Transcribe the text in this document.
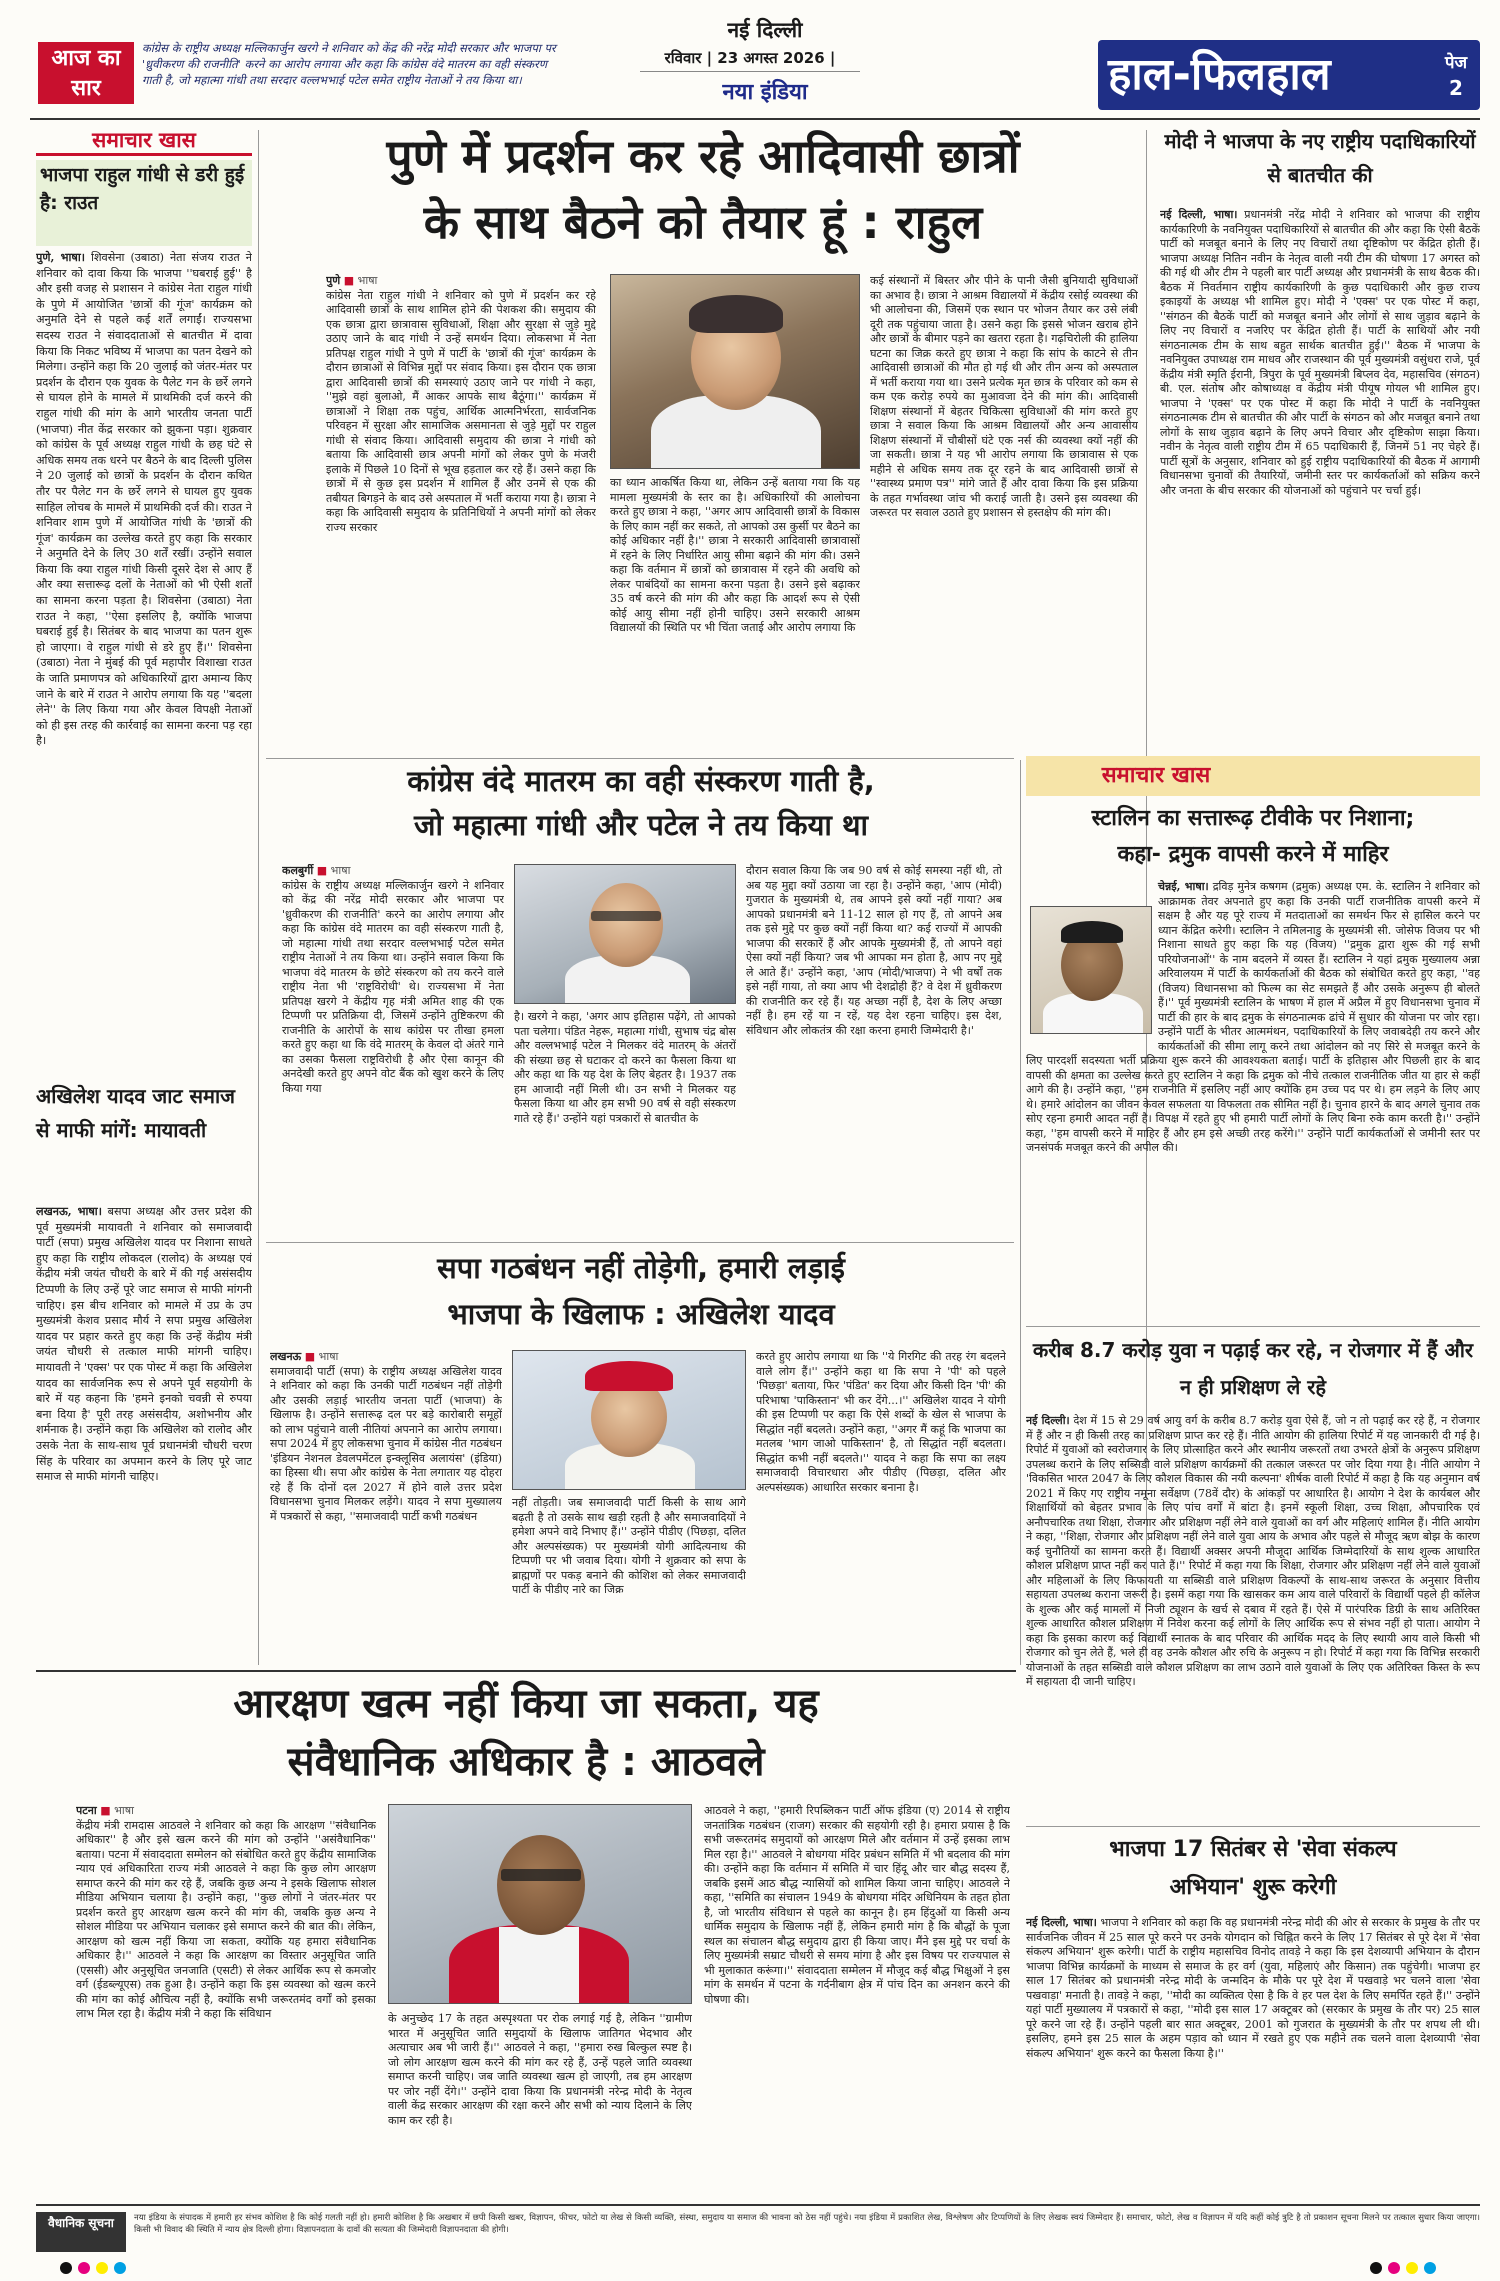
आज का सार
कांग्रेस के राष्ट्रीय अध्यक्ष मल्लिकार्जुन खरगे ने शनिवार को केंद्र की नरेंद्र मोदी सरकार और भाजपा पर 'ध्रुवीकरण की राजनीति' करने का आरोप लगाया और कहा कि कांग्रेस वंदे मातरम का वही संस्करण गाती है, जो महात्मा गांधी तथा सरदार वल्लभभाई पटेल समेत राष्ट्रीय नेताओं ने तय किया था।
नई दिल्ली
रविवार | 23 अगस्त 2026 |
नया इंडिया	हाल-फिलहाल	पेज
2
समाचार खास
भाजपा राहुल गांधी से डरी हुई है: राउत
पुणे, भाषा। शिवसेना (उबाठा) नेता संजय राउत ने शनिवार को दावा किया कि भाजपा ''घबराई हुई'' है और इसी वजह से प्रशासन ने कांग्रेस नेता राहुल गांधी के पुणे में आयोजित 'छात्रों की गूंज' कार्यक्रम को अनुमति देने से पहले कई शर्तें लगाईं। राज्यसभा सदस्य राउत ने संवाददाताओं से बातचीत में दावा किया कि निकट भविष्य में भाजपा का पतन देखने को मिलेगा। उन्होंने कहा कि 20 जुलाई को जंतर-मंतर पर प्रदर्शन के दौरान एक युवक के पैलेट गन के छर्रे लगने से घायल होने के मामले में प्राथमिकी दर्ज करने की राहुल गांधी की मांग के आगे भारतीय जनता पार्टी (भाजपा) नीत केंद्र सरकार को झुकना पड़ा। शुक्रवार को कांग्रेस के पूर्व अध्यक्ष राहुल गांधी के छह घंटे से अधिक समय तक धरने पर बैठने के बाद दिल्ली पुलिस ने 20 जुलाई को छात्रों के प्रदर्शन के दौरान कथित तौर पर पैलेट गन के छर्रे लगने से घायल हुए युवक साहिल लोचब के मामले में प्राथमिकी दर्ज की। राउत ने शनिवार शाम पुणे में आयोजित गांधी के 'छात्रों की गूंज' कार्यक्रम का उल्लेख करते हुए कहा कि सरकार ने अनुमति देने के लिए 30 शर्तें रखीं। उन्होंने सवाल किया कि क्या राहुल गांधी किसी दूसरे देश से आए हैं और क्या सत्तारूढ़ दलों के नेताओं को भी ऐसी शर्तों का सामना करना पड़ता है। शिवसेना (उबाठा) नेता राउत ने कहा, ''ऐसा इसलिए है, क्योंकि भाजपा घबराई हुई है। सितंबर के बाद भाजपा का पतन शुरू हो जाएगा। वे राहुल गांधी से डरे हुए हैं।'' शिवसेना (उबाठा) नेता ने मुंबई की पूर्व महापौर विशाखा राउत के जाति प्रमाणपत्र को अधिकारियों द्वारा अमान्य किए जाने के बारे में राउत ने आरोप लगाया कि यह ''बदला लेने'' के लिए किया गया और केवल विपक्षी नेताओं को ही इस तरह की कार्रवाई का सामना करना पड़ रहा है।
अखिलेश यादव जाट समाज से माफी मांगें: मायावती
लखनऊ, भाषा। बसपा अध्यक्ष और उत्तर प्रदेश की पूर्व मुख्यमंत्री मायावती ने शनिवार को समाजवादी पार्टी (सपा) प्रमुख अखिलेश यादव पर निशाना साधते हुए कहा कि राष्ट्रीय लोकदल (रालोद) के अध्यक्ष एवं केंद्रीय मंत्री जयंत चौधरी के बारे में की गई असंसदीय टिप्पणी के लिए उन्हें पूरे जाट समाज से माफी मांगनी चाहिए। इस बीच शनिवार को मामले में उप्र के उप मुख्यमंत्री केशव प्रसाद मौर्य ने सपा प्रमुख अखिलेश यादव पर प्रहार करते हुए कहा कि उन्हें केंद्रीय मंत्री जयंत चौधरी से तत्काल माफी मांगनी चाहिए। मायावती ने 'एक्स' पर एक पोस्ट में कहा कि अखिलेश यादव का सार्वजनिक रूप से अपने पूर्व सहयोगी के बारे में यह कहना कि 'हमने इनको चवन्नी से रुपया बना दिया है' पूरी तरह असंसदीय, अशोभनीय और शर्मनाक है। उन्होंने कहा कि अखिलेश को रालोद और उसके नेता के साथ-साथ पूर्व प्रधानमंत्री चौधरी चरण सिंह के परिवार का अपमान करने के लिए पूरे जाट समाज से माफी मांगनी चाहिए।
पुणे में प्रदर्शन कर रहे आदिवासी छात्रों
के साथ बैठने को तैयार हूं : राहुल
पुणे ■ भाषा
कांग्रेस नेता राहुल गांधी ने शनिवार को पुणे में प्रदर्शन कर रहे आदिवासी छात्रों के साथ शामिल होने की पेशकश की। समुदाय की एक छात्रा द्वारा छात्रावास सुविधाओं, शिक्षा और सुरक्षा से जुड़े मुद्दे उठाए जाने के बाद गांधी ने उन्हें समर्थन दिया। लोकसभा में नेता प्रतिपक्ष राहुल गांधी ने पुणे में पार्टी के 'छात्रों की गूंज' कार्यक्रम के दौरान छात्राओं से विभिन्न मुद्दों पर संवाद किया। इस दौरान एक छात्रा द्वारा आदिवासी छात्रों की समस्याएं उठाए जाने पर गांधी ने कहा, ''मुझे वहां बुलाओ, मैं आकर आपके साथ बैठूंगा।'' कार्यक्रम में छात्राओं ने शिक्षा तक पहुंच, आर्थिक आत्मनिर्भरता, सार्वजनिक परिवहन में सुरक्षा और सामाजिक असमानता से जुड़े मुद्दों पर राहुल गांधी से संवाद किया। आदिवासी समुदाय की छात्रा ने गांधी को बताया कि आदिवासी छात्र अपनी मांगों को लेकर पुणे के मंजरी इलाके में पिछले 10 दिनों से भूख हड़ताल कर रहे हैं। उसने कहा कि छात्रों में से कुछ इस प्रदर्शन में शामिल हैं और उनमें से एक की तबीयत बिगड़ने के बाद उसे अस्पताल में भर्ती कराया गया है। छात्रा ने कहा कि आदिवासी समुदाय के प्रतिनिधियों ने अपनी मांगों को लेकर राज्य सरकार
का ध्यान आकर्षित किया था, लेकिन उन्हें बताया गया कि यह मामला मुख्यमंत्री के स्तर का है। अधिकारियों की आलोचना करते हुए छात्रा ने कहा, ''अगर आप आदिवासी छात्रों के विकास के लिए काम नहीं कर सकते, तो आपको उस कुर्सी पर बैठने का कोई अधिकार नहीं है।'' छात्रा ने सरकारी आदिवासी छात्रावासों में रहने के लिए निर्धारित आयु सीमा बढ़ाने की मांग की। उसने कहा कि वर्तमान में छात्रों को छात्रावास में रहने की अवधि को लेकर पाबंदियों का सामना करना पड़ता है। उसने इसे बढ़ाकर 35 वर्ष करने की मांग की और कहा कि आदर्श रूप से ऐसी कोई आयु सीमा नहीं होनी चाहिए। उसने सरकारी आश्रम विद्यालयों की स्थिति पर भी चिंता जताई और आरोप लगाया कि
कई संस्थानों में बिस्तर और पीने के पानी जैसी बुनियादी सुविधाओं का अभाव है। छात्रा ने आश्रम विद्यालयों में केंद्रीय रसोई व्यवस्था की भी आलोचना की, जिसमें एक स्थान पर भोजन तैयार कर उसे लंबी दूरी तक पहुंचाया जाता है। उसने कहा कि इससे भोजन खराब होने और छात्रों के बीमार पड़ने का खतरा रहता है। गढ़चिरोली की हालिया घटना का जिक्र करते हुए छात्रा ने कहा कि सांप के काटने से तीन आदिवासी छात्राओं की मौत हो गई थी और तीन अन्य को अस्पताल में भर्ती कराया गया था। उसने प्रत्येक मृत छात्र के परिवार को कम से कम एक करोड़ रुपये का मुआवजा देने की मांग की। आदिवासी शिक्षण संस्थानों में बेहतर चिकित्सा सुविधाओं की मांग करते हुए छात्रा ने सवाल किया कि आश्रम विद्यालयों और अन्य आवासीय शिक्षण संस्थानों में चौबीसों घंटे एक नर्स की व्यवस्था क्यों नहीं की जा सकती। छात्रा ने यह भी आरोप लगाया कि छात्रावास से एक महीने से अधिक समय तक दूर रहने के बाद आदिवासी छात्रों से ''स्वास्थ्य प्रमाण पत्र'' मांगे जाते हैं और दावा किया कि इस प्रक्रिया के तहत गर्भावस्था जांच भी कराई जाती है। उसने इस व्यवस्था की जरूरत पर सवाल उठाते हुए प्रशासन से हस्तक्षेप की मांग की।
मोदी ने भाजपा के नए राष्ट्रीय पदाधिकारियों से बातचीत की
नई दिल्ली, भाषा। प्रधानमंत्री नरेंद्र मोदी ने शनिवार को भाजपा की राष्ट्रीय कार्यकारिणी के नवनियुक्त पदाधिकारियों से बातचीत की और कहा कि ऐसी बैठकें पार्टी को मजबूत बनाने के लिए नए विचारों तथा दृष्टिकोण पर केंद्रित होती हैं। भाजपा अध्यक्ष नितिन नवीन के नेतृत्व वाली नयी टीम की घोषणा 17 अगस्त को की गई थी और टीम ने पहली बार पार्टी अध्यक्ष और प्रधानमंत्री के साथ बैठक की। बैठक में निवर्तमान राष्ट्रीय कार्यकारिणी के कुछ पदाधिकारी और कुछ राज्य इकाइयों के अध्यक्ष भी शामिल हुए। मोदी ने 'एक्स' पर एक पोस्ट में कहा, ''संगठन की बैठकें पार्टी को मजबूत बनाने और लोगों से साथ जुड़ाव बढ़ाने के लिए नए विचारों व नजरिए पर केंद्रित होती हैं। पार्टी के साथियों और नयी संगठनात्मक टीम के साथ बहुत सार्थक बातचीत हुई।'' बैठक में भाजपा के नवनियुक्त उपाध्यक्ष राम माधव और राजस्थान की पूर्व मुख्यमंत्री वसुंधरा राजे, पूर्व केंद्रीय मंत्री स्मृति ईरानी, त्रिपुरा के पूर्व मुख्यमंत्री बिप्लव देव, महासचिव (संगठन) बी. एल. संतोष और कोषाध्यक्ष व केंद्रीय मंत्री पीयूष गोयल भी शामिल हुए। भाजपा ने 'एक्स' पर एक पोस्ट में कहा कि मोदी ने पार्टी के नवनियुक्त संगठनात्मक टीम से बातचीत की और पार्टी के संगठन को और मजबूत बनाने तथा लोगों के साथ जुड़ाव बढ़ाने के लिए अपने विचार और दृष्टिकोण साझा किया। नवीन के नेतृत्व वाली राष्ट्रीय टीम में 65 पदाधिकारी हैं, जिनमें 51 नए चेहरे हैं। पार्टी सूत्रों के अनुसार, शनिवार को हुई राष्ट्रीय पदाधिकारियों की बैठक में आगामी विधानसभा चुनावों की तैयारियों, जमीनी स्तर पर कार्यकर्ताओं को सक्रिय करने और जनता के बीच सरकार की योजनाओं को पहुंचाने पर चर्चा हुई।
कांग्रेस वंदे मातरम का वही संस्करण गाती है,
जो महात्मा गांधी और पटेल ने तय किया था
कलबुर्गी ■ भाषा
कांग्रेस के राष्ट्रीय अध्यक्ष मल्लिकार्जुन खरगे ने शनिवार को केंद्र की नरेंद्र मोदी सरकार और भाजपा पर 'ध्रुवीकरण की राजनीति' करने का आरोप लगाया और कहा कि कांग्रेस वंदे मातरम का वही संस्करण गाती है, जो महात्मा गांधी तथा सरदार वल्लभभाई पटेल समेत राष्ट्रीय नेताओं ने तय किया था। उन्होंने सवाल किया कि भाजपा वंदे मातरम के छोटे संस्करण को तय करने वाले राष्ट्रीय नेता भी 'राष्ट्रविरोधी' थे। राज्यसभा में नेता प्रतिपक्ष खरगे ने केंद्रीय गृह मंत्री अमित शाह की एक टिप्पणी पर प्रतिक्रिया दी, जिसमें उन्होंने तुष्टिकरण की राजनीति के आरोपों के साथ कांग्रेस पर तीखा हमला करते हुए कहा था कि वंदे मातरम् के केवल दो अंतरे गाने का उसका फैसला राष्ट्रविरोधी है और ऐसा कानून की अनदेखी करते हुए अपने वोट बैंक को खुश करने के लिए किया गया
है। खरगे ने कहा, 'अगर आप इतिहास पढ़ेंगे, तो आपको पता चलेगा। पंडित नेहरू, महात्मा गांधी, सुभाष चंद्र बोस और वल्लभभाई पटेल ने मिलकर वंदे मातरम् के अंतरों की संख्या छह से घटाकर दो करने का फैसला किया था और कहा था कि यह देश के लिए बेहतर है। 1937 तक हम आजादी नहीं मिली थी। उन सभी ने मिलकर यह फैसला किया था और हम सभी 90 वर्ष से वही संस्करण गाते रहे हैं।' उन्होंने यहां पत्रकारों से बातचीत के
दौरान सवाल किया कि जब 90 वर्ष से कोई समस्या नहीं थी, तो अब यह मुद्दा क्यों उठाया जा रहा है। उन्होंने कहा, 'आप (मोदी) गुजरात के मुख्यमंत्री थे, तब आपने इसे क्यों नहीं गाया? अब आपको प्रधानमंत्री बने 11-12 साल हो गए हैं, तो आपने अब तक इसे मुद्दे पर कुछ क्यों नहीं किया था? कई राज्यों में आपकी भाजपा की सरकारें हैं और आपके मुख्यमंत्री हैं, तो आपने वहां ऐसा क्यों नहीं किया? जब भी आपका मन होता है, आप नए मुद्दे ले आते हैं।' उन्होंने कहा, 'आप (मोदी/भाजपा) ने भी वर्षों तक इसे नहीं गाया, तो क्या आप भी देशद्रोही हैं? वे देश में ध्रुवीकरण की राजनीति कर रहे हैं। यह अच्छा नहीं है, देश के लिए अच्छा नहीं है। हम रहें या न रहें, यह देश रहना चाहिए। इस देश, संविधान और लोकतंत्र की रक्षा करना हमारी जिम्मेदारी है।'
समाचार खास
स्टालिन का सत्तारूढ़ टीवीके पर निशाना;
कहा- द्रमुक वापसी करने में माहिर
चेन्नई, भाषा। द्रविड़ मुनेत्र कषगम (द्रमुक) अध्यक्ष एम. के. स्टालिन ने शनिवार को आक्रामक तेवर अपनाते हुए कहा कि उनकी पार्टी राजनीतिक वापसी करने में सक्षम है और यह पूरे राज्य में मतदाताओं का समर्थन फिर से हासिल करने पर ध्यान केंद्रित करेगी। स्टालिन ने तमिलनाडु के मुख्यमंत्री सी. जोसेफ विजय पर भी निशाना साधते हुए कहा कि यह (विजय) ''द्रमुक द्वारा शुरू की गई सभी परियोजनाओं'' के नाम बदलने में व्यस्त हैं। स्टालिन ने यहां द्रमुक मुख्यालय अन्ना अरिवालयम में पार्टी के कार्यकर्ताओं की बैठक को संबोधित करते हुए कहा, ''वह (विजय) विधानसभा को फिल्म का सेट समझते हैं और उसके अनुरूप ही बोलते हैं।'' पूर्व मुख्यमंत्री स्टालिन के भाषण में हाल में अप्रैल में हुए विधानसभा चुनाव में पार्टी की हार के बाद द्रमुक के संगठनात्मक ढांचे में सुधार की योजना पर जोर रहा। उन्होंने पार्टी के भीतर आत्ममंथन, पदाधिकारियों के लिए जवाबदेही तय करने और कार्यकर्ताओं की सीमा लागू करने तथा आंदोलन को नए सिरे से मजबूत करने के लिए पारदर्शी सदस्यता भर्ती प्रक्रिया शुरू करने की आवश्यकता बताई। पार्टी के इतिहास और पिछली हार के बाद वापसी की क्षमता का उल्लेख करते हुए स्टालिन ने कहा कि द्रमुक को नीचे तत्काल राजनीतिक जीत या हार से कहीं आगे की है। उन्होंने कहा, ''हम राजनीति में इसलिए नहीं आए क्योंकि हम उच्च पद पर थे। हम लड़ने के लिए आए थे। हमारे आंदोलन का जीवन केवल सफलता या विफलता तक सीमित नहीं है। चुनाव हारने के बाद अगले चुनाव तक सोए रहना हमारी आदत नहीं है। विपक्ष में रहते हुए भी हमारी पार्टी लोगों के लिए बिना रुके काम करती है।'' उन्होंने कहा, ''हम वापसी करने में माहिर हैं और हम इसे अच्छी तरह करेंगे।'' उन्होंने पार्टी कार्यकर्ताओं से जमीनी स्तर पर जनसंपर्क मजबूत करने की अपील की।
करीब 8.7 करोड़ युवा न पढ़ाई कर रहे, न रोजगार में हैं और न ही प्रशिक्षण ले रहे
नई दिल्ली। देश में 15 से 29 वर्ष आयु वर्ग के करीब 8.7 करोड़ युवा ऐसे हैं, जो न तो पढ़ाई कर रहे हैं, न रोजगार में हैं और न ही किसी तरह का प्रशिक्षण प्राप्त कर रहे हैं। नीति आयोग की हालिया रिपोर्ट में यह जानकारी दी गई है। रिपोर्ट में युवाओं को स्वरोजगार के लिए प्रोत्साहित करने और स्थानीय जरूरतों तथा उभरते क्षेत्रों के अनुरूप प्रशिक्षण उपलब्ध कराने के लिए सब्सिडी वाले प्रशिक्षण कार्यक्रमों की तत्काल जरूरत पर जोर दिया गया है। नीति आयोग ने 'विकसित भारत 2047 के लिए कौशल विकास की नयी कल्पना' शीर्षक वाली रिपोर्ट में कहा है कि यह अनुमान वर्ष 2021 में किए गए राष्ट्रीय नमूना सर्वेक्षण (78वें दौर) के आंकड़ों पर आधारित है। आयोग ने देश के कार्यबल और शिक्षार्थियों को बेहतर प्रभाव के लिए पांच वर्गों में बांटा है। इनमें स्कूली शिक्षा, उच्च शिक्षा, औपचारिक एवं अनौपचारिक तथा शिक्षा, रोजगार और प्रशिक्षण नहीं लेने वाले युवाओं का वर्ग और महिलाएं शामिल हैं। नीति आयोग ने कहा, ''शिक्षा, रोजगार और प्रशिक्षण नहीं लेने वाले युवा आय के अभाव और पहले से मौजूद ऋण बोझ के कारण कई चुनौतियों का सामना करते हैं। विद्यार्थी अक्सर अपनी मौजूदा आर्थिक जिम्मेदारियों के साथ शुल्क आधारित कौशल प्रशिक्षण प्राप्त नहीं कर पाते हैं।'' रिपोर्ट में कहा गया कि शिक्षा, रोजगार और प्रशिक्षण नहीं लेने वाले युवाओं और महिलाओं के लिए किफायती या सब्सिडी वाले प्रशिक्षण विकल्पों के साथ-साथ जरूरत के अनुसार वित्तीय सहायता उपलब्ध कराना जरूरी है। इसमें कहा गया कि खासकर कम आय वाले परिवारों के विद्यार्थी पहले ही कॉलेज के शुल्क और कई मामलों में निजी ट्यूशन के खर्च से दबाव में रहते हैं। ऐसे में पारंपरिक डिग्री के साथ अतिरिक्त शुल्क आधारित कौशल प्रशिक्षण में निवेश करना कई लोगों के लिए आर्थिक रूप से संभव नहीं हो पाता। आयोग ने कहा कि इसका कारण कई विद्यार्थी स्नातक के बाद परिवार की आर्थिक मदद के लिए स्थायी आय वाले किसी भी रोजगार को चुन लेते हैं, भले ही वह उनके कौशल और रुचि के अनुरूप न हो। रिपोर्ट में कहा गया कि विभिन्न सरकारी योजनाओं के तहत सब्सिडी वाले कौशल प्रशिक्षण का लाभ उठाने वाले युवाओं के लिए एक अतिरिक्त किस्त के रूप में सहायता दी जानी चाहिए।
भाजपा 17 सितंबर से 'सेवा संकल्प
अभियान' शुरू करेगी
नई दिल्ली, भाषा। भाजपा ने शनिवार को कहा कि वह प्रधानमंत्री नरेन्द्र मोदी की ओर से सरकार के प्रमुख के तौर पर सार्वजनिक जीवन में 25 साल पूरे करने पर उनके योगदान को चिह्नित करने के लिए 17 सितंबर से पूरे देश में 'सेवा संकल्प अभियान' शुरू करेगी। पार्टी के राष्ट्रीय महासचिव विनोद तावड़े ने कहा कि इस देशव्यापी अभियान के दौरान भाजपा विभिन्न कार्यक्रमों के माध्यम से समाज के हर वर्ग (युवा, महिलाएं और किसान) तक पहुंचेगी। भाजपा हर साल 17 सितंबर को प्रधानमंत्री नरेन्द्र मोदी के जन्मदिन के मौके पर पूरे देश में पखवाड़े भर चलने वाला 'सेवा पखवाड़ा' मनाती है। तावड़े ने कहा, ''मोदी का व्यक्तित्व ऐसा है कि वे हर पल देश के लिए समर्पित रहते हैं।'' उन्होंने यहां पार्टी मुख्यालय में पत्रकारों से कहा, ''मोदी इस साल 17 अक्टूबर को (सरकार के प्रमुख के तौर पर) 25 साल पूरे करने जा रहे हैं। उन्होंने पहली बार सात अक्टूबर, 2001 को गुजरात के मुख्यमंत्री के तौर पर शपथ ली थी। इसलिए, हमने इस 25 साल के अहम पड़ाव को ध्यान में रखते हुए एक महीने तक चलने वाला देशव्यापी 'सेवा संकल्प अभियान' शुरू करने का फैसला किया है।''
सपा गठबंधन नहीं तोड़ेगी, हमारी लड़ाई
भाजपा के खिलाफ : अखिलेश यादव
लखनऊ ■ भाषा
समाजवादी पार्टी (सपा) के राष्ट्रीय अध्यक्ष अखिलेश यादव ने शनिवार को कहा कि उनकी पार्टी गठबंधन नहीं तोड़ेगी और उसकी लड़ाई भारतीय जनता पार्टी (भाजपा) के खिलाफ है। उन्होंने सत्तारूढ़ दल पर बड़े कारोबारी समूहों को लाभ पहुंचाने वाली नीतियां अपनाने का आरोप लगाया। सपा 2024 में हुए लोकसभा चुनाव में कांग्रेस नीत गठबंधन 'इंडियन नेशनल डेवलपमेंटल इन्क्लूसिव अलायंस' (इंडिया) का हिस्सा थी। सपा और कांग्रेस के नेता लगातार यह दोहरा रहे हैं कि दोनों दल 2027 में होने वाले उत्तर प्रदेश विधानसभा चुनाव मिलकर लड़ेंगे। यादव ने सपा मुख्यालय में पत्रकारों से कहा, ''समाजवादी पार्टी कभी गठबंधन
नहीं तोड़ती। जब समाजवादी पार्टी किसी के साथ आगे बढ़ती है तो उसके साथ खड़ी रहती है और समाजवादियों ने हमेशा अपने वादे निभाए हैं।'' उन्होंने पीडीए (पिछड़ा, दलित और अल्पसंख्यक) पर मुख्यमंत्री योगी आदित्यनाथ की टिप्पणी पर भी जवाब दिया। योगी ने शुक्रवार को सपा के ब्राह्मणों पर पकड़ बनाने की कोशिश को लेकर समाजवादी पार्टी के पीडीए नारे का जिक्र
करते हुए आरोप लगाया था कि ''ये गिरगिट की तरह रंग बदलने वाले लोग हैं।'' उन्होंने कहा था कि सपा ने 'पी' को पहले 'पिछड़ा' बताया, फिर 'पंडित' कर दिया और किसी दिन 'पी' की परिभाषा 'पाकिस्तान' भी कर देंगे...।'' अखिलेश यादव ने योगी की इस टिप्पणी पर कहा कि ऐसे शब्दों के खेल से भाजपा के सिद्धांत नहीं बदलते। उन्होंने कहा, ''अगर मैं कहूं कि भाजपा का मतलब 'भाग जाओ पाकिस्तान' है, तो सिद्धांत नहीं बदलता। सिद्धांत कभी नहीं बदलते।'' यादव ने कहा कि सपा का लक्ष्य समाजवादी विचारधारा और पीडीए (पिछड़ा, दलित और अल्पसंख्यक) आधारित सरकार बनाना है।
आरक्षण खत्म नहीं किया जा सकता, यह
संवैधानिक अधिकार है : आठवले
पटना ■ भाषा
केंद्रीय मंत्री रामदास आठवले ने शनिवार को कहा कि आरक्षण ''संवैधानिक अधिकार'' है और इसे खत्म करने की मांग को उन्होंने ''असंवैधानिक'' बताया। पटना में संवाददाता सम्मेलन को संबोधित करते हुए केंद्रीय सामाजिक न्याय एवं अधिकारिता राज्य मंत्री आठवले ने कहा कि कुछ लोग आरक्षण समाप्त करने की मांग कर रहे हैं, जबकि कुछ अन्य ने इसके खिलाफ सोशल मीडिया अभियान चलाया है। उन्होंने कहा, ''कुछ लोगों ने जंतर-मंतर पर प्रदर्शन करते हुए आरक्षण खत्म करने की मांग की, जबकि कुछ अन्य ने सोशल मीडिया पर अभियान चलाकर इसे समाप्त करने की बात की। लेकिन, आरक्षण को खत्म नहीं किया जा सकता, क्योंकि यह हमारा संवैधानिक अधिकार है।'' आठवले ने कहा कि आरक्षण का विस्तार अनुसूचित जाति (एससी) और अनुसूचित जनजाति (एसटी) से लेकर आर्थिक रूप से कमजोर वर्ग (ईडब्ल्यूएस) तक हुआ है। उन्होंने कहा कि इस व्यवस्था को खत्म करने की मांग का कोई औचित्य नहीं है, क्योंकि सभी जरूरतमंद वर्गों को इसका लाभ मिल रहा है। केंद्रीय मंत्री ने कहा कि संविधान	के अनुच्छेद 17 के तहत अस्पृश्यता पर रोक लगाई गई है, लेकिन ''ग्रामीण भारत में अनुसूचित जाति समुदायों के खिलाफ जातिगत भेदभाव और अत्याचार अब भी जारी हैं।'' आठवले ने कहा, ''हमारा रुख बिल्कुल स्पष्ट है। जो लोग आरक्षण खत्म करने की मांग कर रहे हैं, उन्हें पहले जाति व्यवस्था समाप्त करनी चाहिए। जब जाति व्यवस्था खत्म हो जाएगी, तब हम आरक्षण पर जोर नहीं देंगे।'' उन्होंने दावा किया कि प्रधानमंत्री नरेन्द्र मोदी के नेतृत्व वाली केंद्र सरकार आरक्षण की रक्षा करने और सभी को न्याय दिलाने के लिए काम कर रही है।
आठवले ने कहा, ''हमारी रिपब्लिकन पार्टी ऑफ इंडिया (ए) 2014 से राष्ट्रीय जनतांत्रिक गठबंधन (राजग) सरकार की सहयोगी रही है। हमारा प्रयास है कि सभी जरूरतमंद समुदायों को आरक्षण मिले और वर्तमान में उन्हें इसका लाभ मिल रहा है।'' आठवले ने बोधगया मंदिर प्रबंधन समिति में भी बदलाव की मांग की। उन्होंने कहा कि वर्तमान में समिति में चार हिंदू और चार बौद्ध सदस्य हैं, जबकि इसमें आठ बौद्ध न्यासियों को शामिल किया जाना चाहिए। आठवले ने कहा, ''समिति का संचालन 1949 के बोधगया मंदिर अधिनियम के तहत होता है, जो भारतीय संविधान से पहले का कानून है। हम हिंदुओं या किसी अन्य धार्मिक समुदाय के खिलाफ नहीं हैं, लेकिन हमारी मांग है कि बौद्धों के पूजा स्थल का संचालन बौद्ध समुदाय द्वारा ही किया जाए। मैंने इस मुद्दे पर चर्चा के लिए मुख्यमंत्री सम्राट चौधरी से समय मांगा है और इस विषय पर राज्यपाल से भी मुलाकात करूंगा।'' संवाददाता सम्मेलन में मौजूद कई बौद्ध भिक्षुओं ने इस मांग के समर्थन में पटना के गर्दनीबाग क्षेत्र में पांच दिन का अनशन करने की घोषणा की।
वैधानिक सूचना	नया इंडिया के संपादक में हमारी हर संभव कोशिश है कि कोई गलती नहीं हो। हमारी कोशिश है कि अखबार में छपी किसी खबर, विज्ञापन, फीचर, फोटो या लेख से किसी व्यक्ति, संस्था, समुदाय या समाज की भावना को ठेस नहीं पहुंचे। नया इंडिया में प्रकाशित लेख, विश्लेषण और टिप्पणियों के लिए लेखक स्वयं जिम्मेदार हैं। समाचार, फोटो, लेख व विज्ञापन में यदि कहीं कोई त्रुटि है तो प्रकाशन सूचना मिलने पर तत्काल सुधार किया जाएगा। किसी भी विवाद की स्थिति में न्याय क्षेत्र दिल्ली होगा। विज्ञापनदाता के दावों की सत्यता की जिम्मेदारी विज्ञापनदाता की होगी।
